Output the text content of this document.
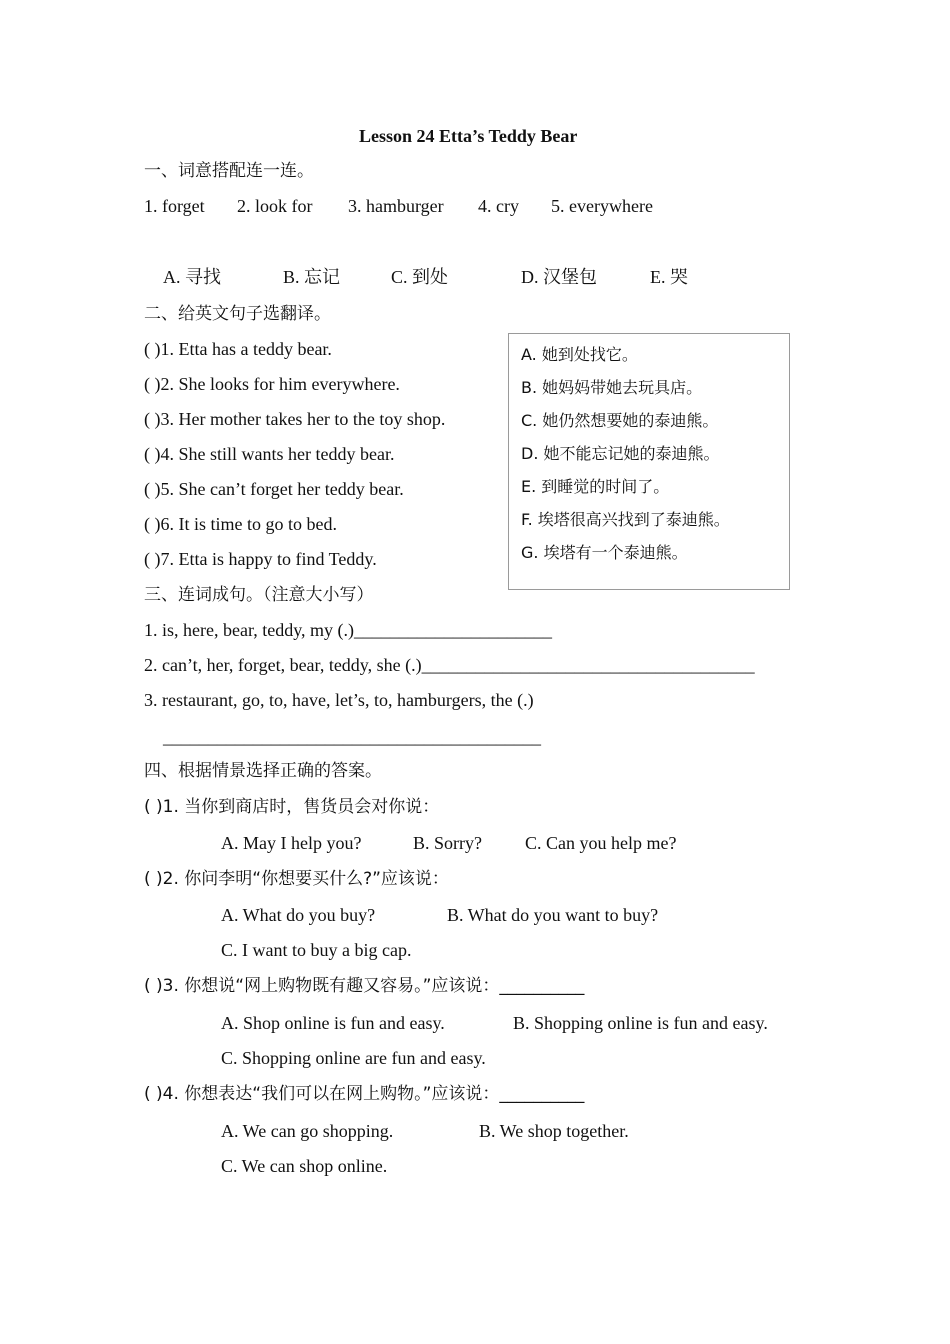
Lesson 24 Etta’s Teddy Bear
一、词意搭配连一连。
1. forget 2. look for 3. hamburger 4. cry 5. everywhere
A. 寻找	B. 忘记	C. 到处	D. 汉堡包	E. 哭
二、给英文句子选翻译。
( )1. Etta has a teddy bear.
( )2. She looks for him everywhere.
( )3. Her mother takes her to the toy shop.
( )4. She still wants her teddy bear.
( )5. She can’t forget her teddy bear.
( )6. It is time to go to bed.
( )7. Etta is happy to find Teddy.
A. 她到处找它。
B. 她妈妈带她去玩具店。
C. 她仍然想要她的泰迪熊。
D. 她不能忘记她的泰迪熊。
E. 到睡觉的时间了。
F. 埃塔很高兴找到了泰迪熊。
G. 埃塔有一个泰迪熊。
三、连词成句。（注意大小写）
1. is, here, bear, teddy, my (.)______________________
2. can’t, her, forget, bear, teddy, she (.)_____________________________________
3. restaurant, go, to, have, let’s, to, hamburgers, the (.)
__________________________________________
四、根据情景选择正确的答案。
( )1. 当你到商店时，售货员会对你说：
A. May I help you?	B. Sorry? C. Can you help me?
( )2. 你问李明“你想要买什么?”应该说：
A. What do you buy?	B. What do you want to buy?
C. I want to buy a big cap.
( )3. 你想说“网上购物既有趣又容易。”应该说：__________
A. Shop online is fun and easy.	B. Shopping online is fun and easy.
C. Shopping online are fun and easy.
( )4. 你想表达“我们可以在网上购物。”应该说：__________
A. We can go shopping.	B. We shop together.
C. We can shop online.
